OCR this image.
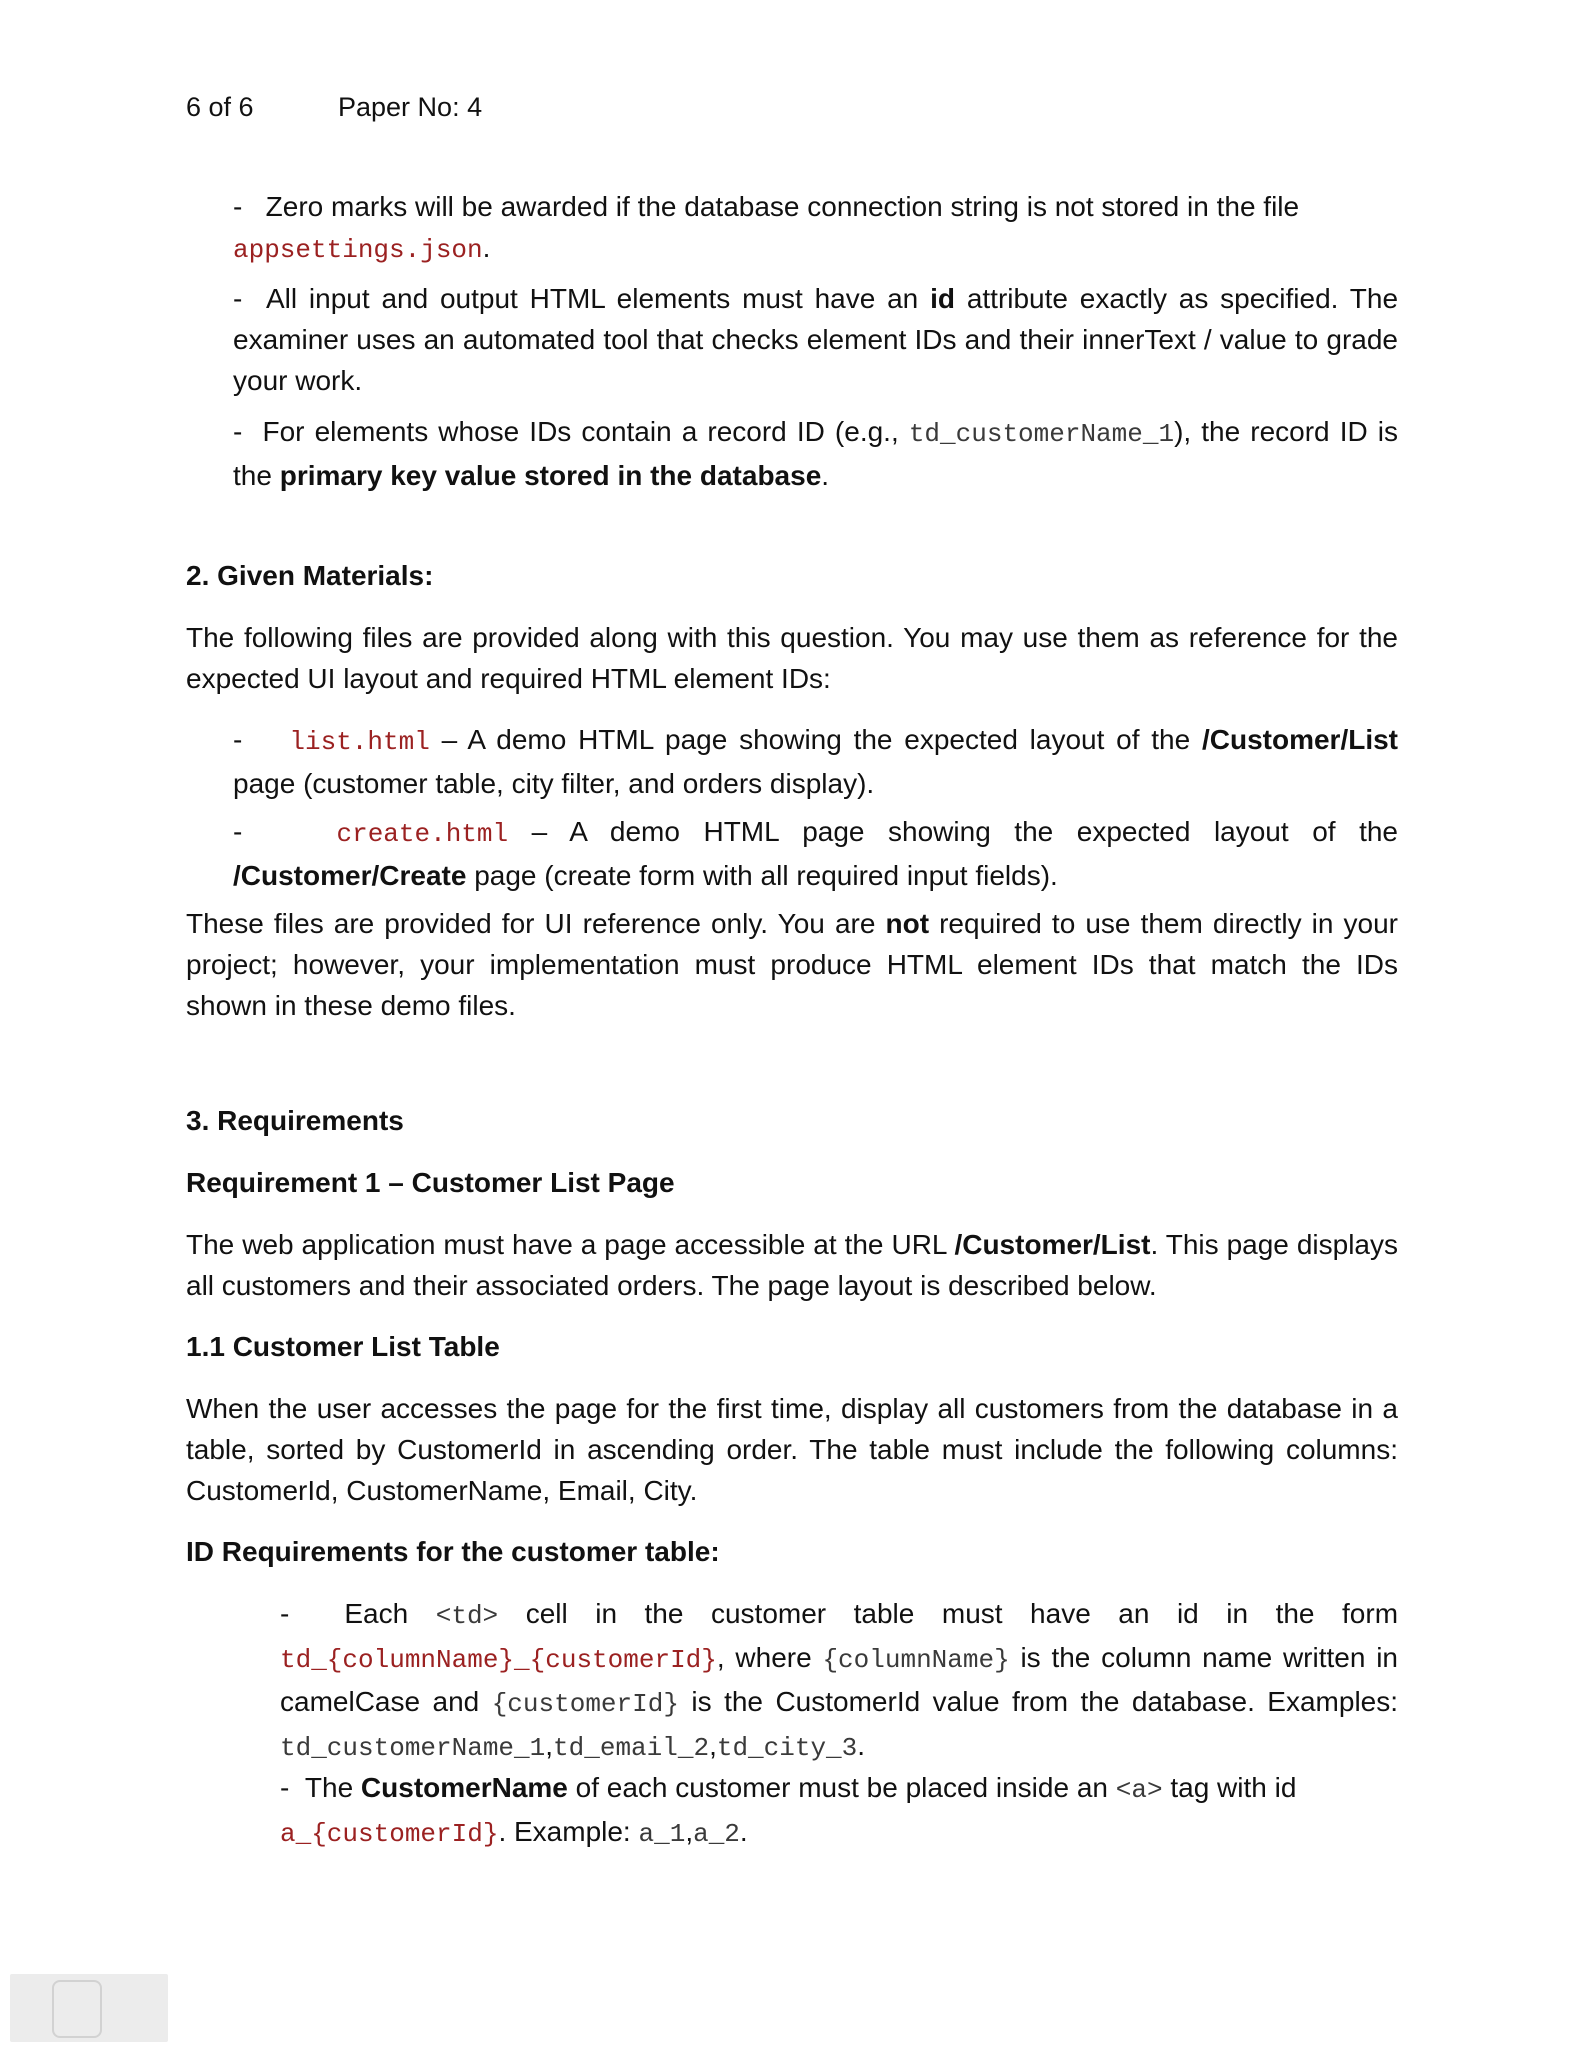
6 of 6	Paper No: 4

- Zero marks will be awarded if the database connection string is not stored in the file
appsettings.json.

- All input and output HTML elements must have an id attribute exactly as specified. The examiner uses an automated tool that checks element IDs and their innerText / value to grade your work.

- For elements whose IDs contain a record ID (e.g., td_customerName_1), the record ID is the primary key value stored in the database.

2. Given Materials:

The following files are provided along with this question. You may use them as reference for the expected UI layout and required HTML element IDs:

- list.html – A demo HTML page showing the expected layout of the /Customer/List page (customer table, city filter, and orders display).

-	create.html – A demo HTML page showing the expected layout of the /Customer/Create page (create form with all required input fields).

These files are provided for UI reference only. You are not required to use them directly in your project; however, your implementation must produce HTML element IDs that match the IDs shown in these demo files.

3. Requirements
Requirement 1 – Customer List Page

The web application must have a page accessible at the URL /Customer/List. This page displays all customers and their associated orders. The page layout is described below.

1.1 Customer List Table

When the user accesses the page for the first time, display all customers from the database in a table, sorted by CustomerId in ascending order. The table must include the following columns: CustomerId, CustomerName, Email, City.

ID Requirements for the customer table:

- Each <td> cell in the customer table must have an id in the form td_{columnName}_{customerId}, where {columnName} is the column name written in camelCase and {customerId} is the CustomerId value from the database. Examples: td_customerName_1,td_email_2,td_city_3.

- The CustomerName of each customer must be placed inside an <a> tag with id
a_{customerId}. Example: a_1,a_2.
